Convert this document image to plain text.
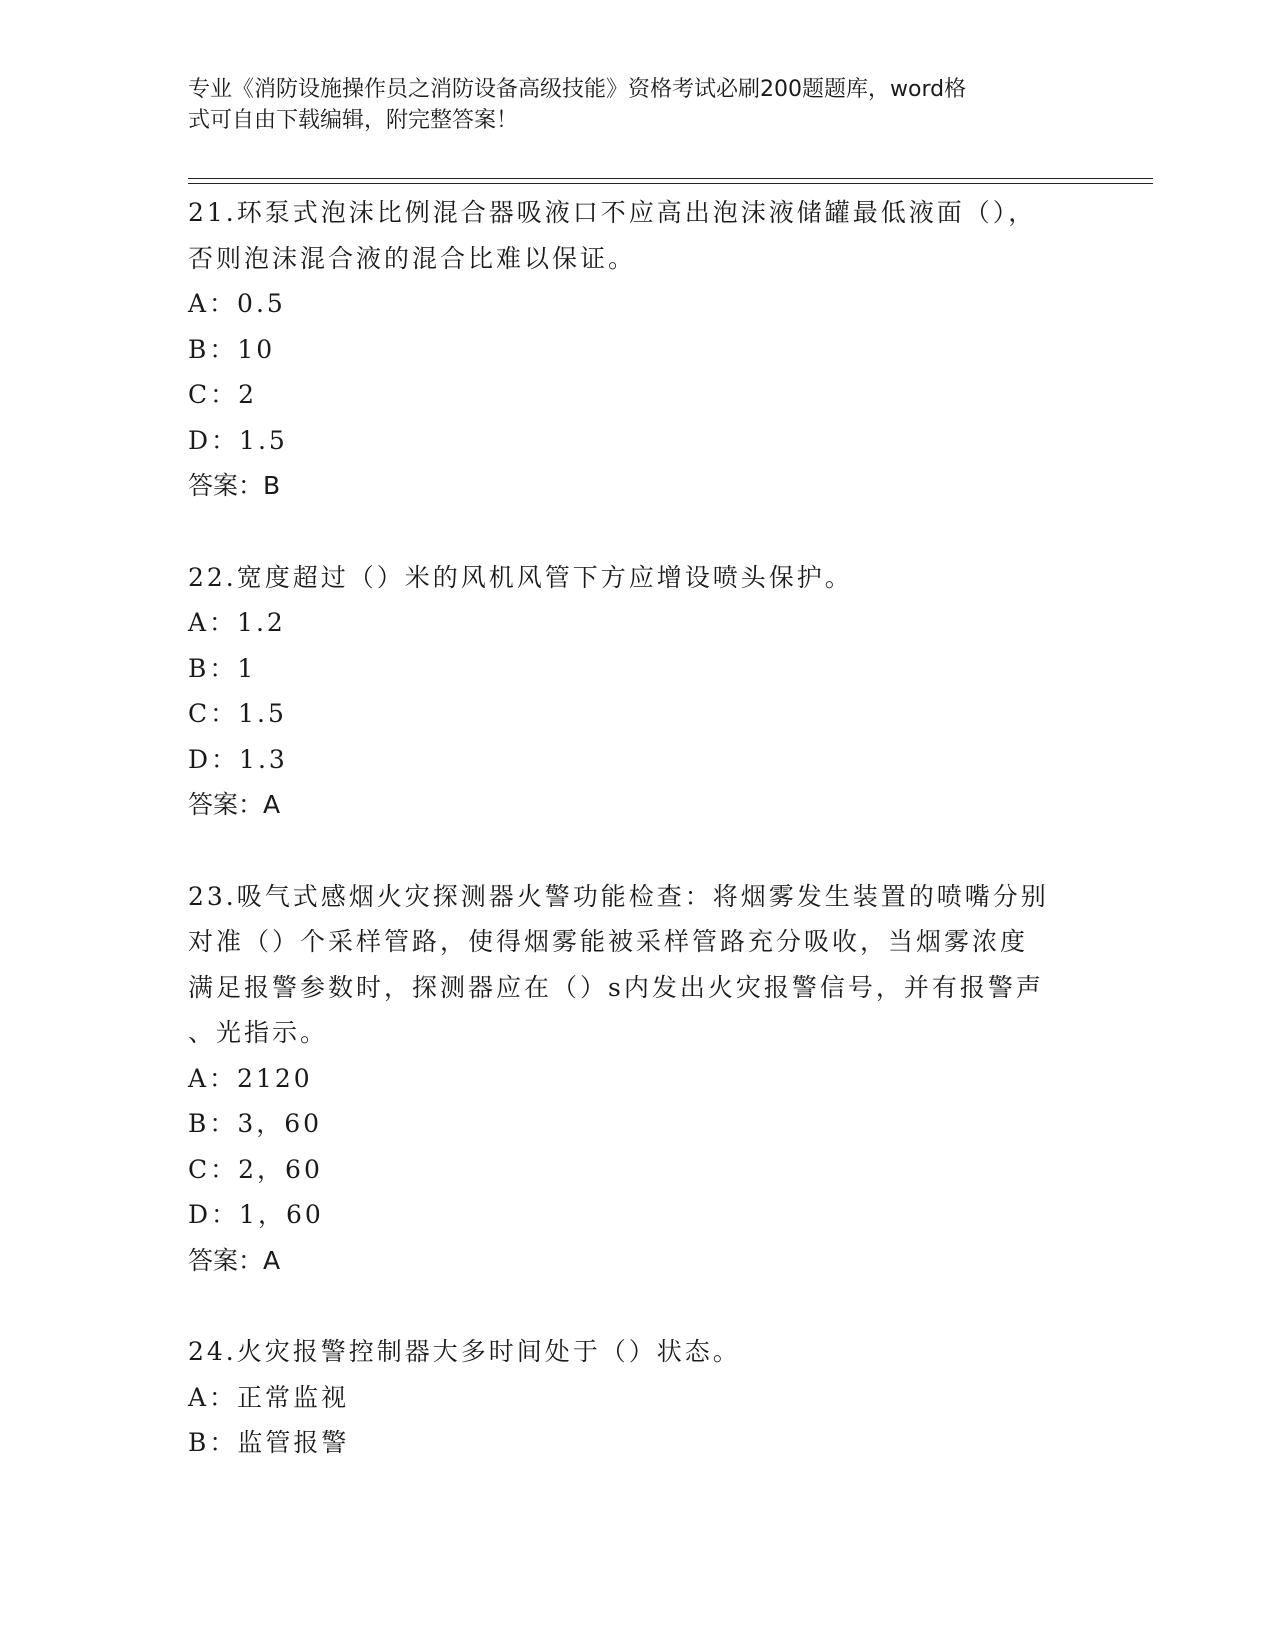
专业《消防设施操作员之消防设备高级技能》资格考试必刷200题题库，word格
式可自由下载编辑，附完整答案！
21.环泵式泡沫比例混合器吸液口不应高出泡沫液储罐最低液面（），
否则泡沫混合液的混合比难以保证。
A：0.5
B：10
C：2
D：1.5
答案：B
22.宽度超过（）米的风机风管下方应增设喷头保护。
A：1.2
B：1
C：1.5
D：1.3
答案：A
23.吸气式感烟火灾探测器火警功能检查：将烟雾发生装置的喷嘴分别
对准（）个采样管路，使得烟雾能被采样管路充分吸收，当烟雾浓度
满足报警参数时，探测器应在（）s内发出火灾报警信号，并有报警声
、光指示。
A：2120
B：3，60
C：2，60
D：1，60
答案：A
24.火灾报警控制器大多时间处于（）状态。
A：正常监视
B：监管报警
